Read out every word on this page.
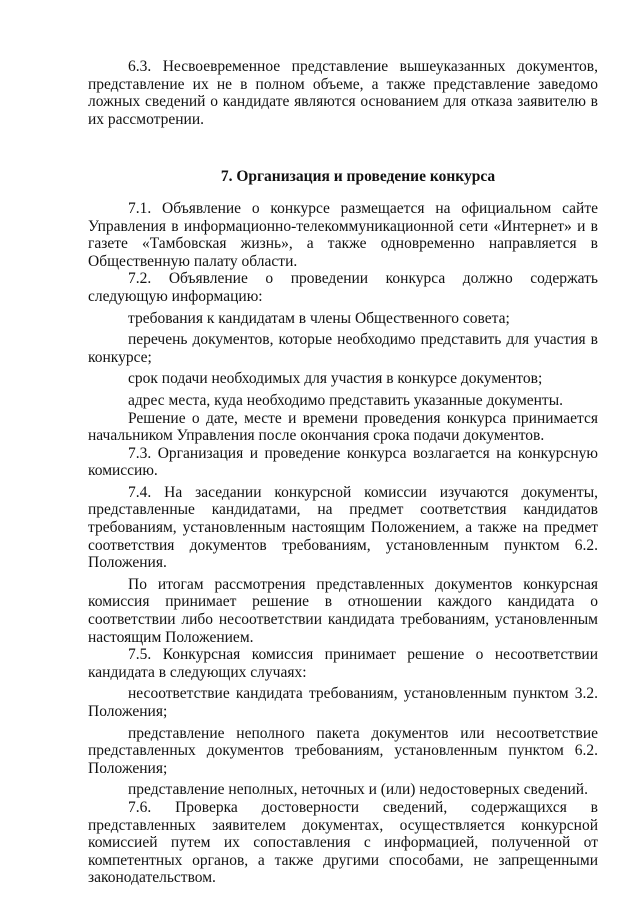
6.3. Несвоевременное представление вышеуказанных документов, представление их не в полном объеме, а также представление заведомо ложных сведений о кандидате являются основанием для отказа заявителю в их рассмотрении.

7. Организация и проведение конкурса

7.1. Объявление о конкурсе размещается на официальном сайте Управления в информационно-телекоммуникационной сети «Интернет» и в газете «Тамбовская жизнь», а также одновременно направляется в Общественную палату области.

7.2. Объявление о проведении конкурса должно содержать следующую информацию:

требования к кандидатам в члены Общественного совета;

перечень документов, которые необходимо представить для участия в конкурсе;

срок подачи необходимых для участия в конкурсе документов;

адрес места, куда необходимо представить указанные документы.

Решение о дате, месте и времени проведения конкурса принимается начальником Управления после окончания срока подачи документов.

7.3. Организация и проведение конкурса возлагается на конкурсную комиссию.

7.4. На заседании конкурсной комиссии изучаются документы, представленные кандидатами, на предмет соответствия кандидатов требованиям, установленным настоящим Положением, а также на предмет соответствия документов требованиям, установленным пунктом 6.2. Положения.

По итогам рассмотрения представленных документов конкурсная комиссия принимает решение в отношении каждого кандидата о соответствии либо несоответствии кандидата требованиям, установленным настоящим Положением.

7.5. Конкурсная комиссия принимает решение о несоответствии кандидата в следующих случаях:

несоответствие кандидата требованиям, установленным пунктом 3.2. Положения;

представление неполного пакета документов или несоответствие представленных документов требованиям, установленным пунктом 6.2. Положения;

представление неполных, неточных и (или) недостоверных сведений.

7.6. Проверка достоверности сведений, содержащихся в представленных заявителем документах, осуществляется конкурсной комиссией путем их сопоставления с информацией, полученной от компетентных органов, а также другими способами, не запрещенными законодательством.
